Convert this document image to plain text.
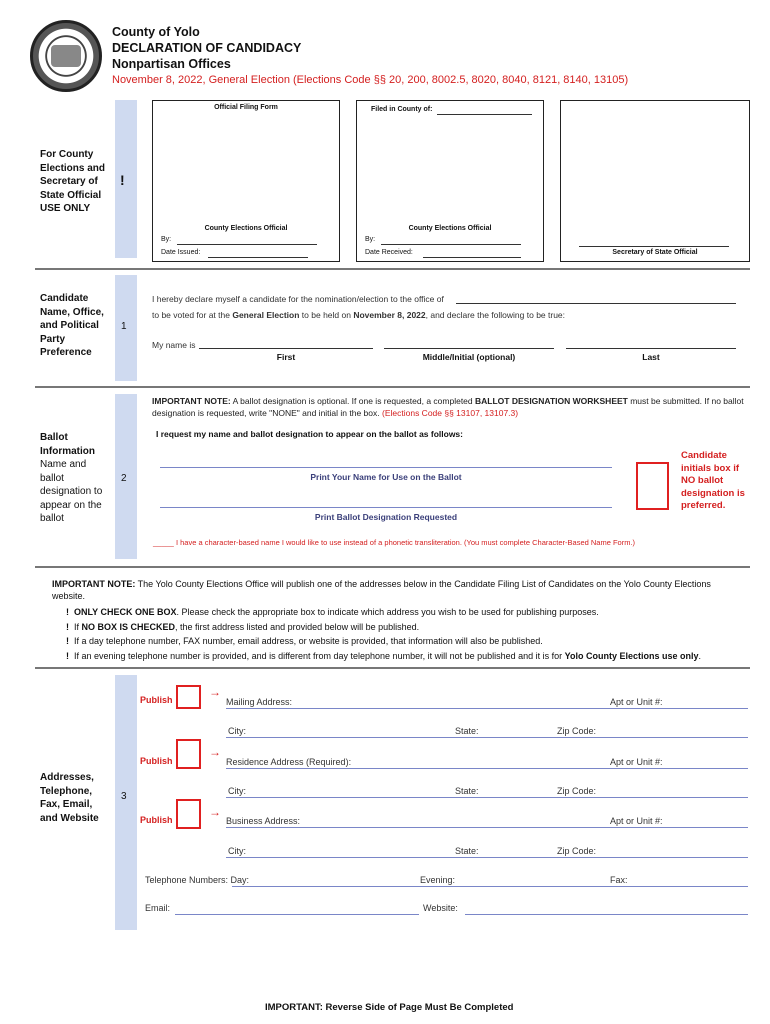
County of Yolo
DECLARATION OF CANDIDACY
Nonpartisan Offices
November 8, 2022, General Election (Elections Code §§ 20, 200, 8002.5, 8020, 8040, 8121, 8140, 13105)
For County Elections and Secretary of State Official USE ONLY
!
Official Filing Form
County Elections Official
By:
Date Issued:
Filed in County of:
County Elections Official
By:
Date Received:	Secretary of State Official
Candidate Name, Office, and Political Party Preference
1
I hereby declare myself a candidate for the nomination/election to the office of
to be voted for at the General Election to be held on November 8, 2022, and declare the following to be true:
My name is
First	Middle/Initial (optional)	Last
2
Ballot Information
Name and ballot designation to appear on the ballot
IMPORTANT NOTE: A ballot designation is optional. If one is requested, a completed BALLOT DESIGNATION WORKSHEET must be submitted. If no ballot designation is requested, write "NONE" and initial in the box. (Elections Code §§ 13107, 13107.3)
I request my name and ballot designation to appear on the ballot as follows:
Print Your Name for Use on the Ballot
Print Ballot Designation Requested
Candidate initials box if NO ballot designation is preferred.
_____ I have a character-based name I would like to use instead of a phonetic transliteration. (You must complete Character-Based Name Form.)
IMPORTANT NOTE: The Yolo County Elections Office will publish one of the addresses below in the Candidate Filing List of Candidates on the Yolo County Elections website.
! ONLY CHECK ONE BOX. Please check the appropriate box to indicate which address you wish to be used for publishing purposes.
! If NO BOX IS CHECKED, the first address listed and provided below will be published.
! If a day telephone number, FAX number, email address, or website is provided, that information will also be published.
! If an evening telephone number is provided, and is different from day telephone number, it will not be published and it is for Yolo County Elections use only.
Addresses, Telephone, Fax, Email, and Website
3
Publish
→
Mailing Address:	Apt or Unit #:
City:	State:	Zip Code:
Publish
→
Residence Address (Required):	Apt or Unit #:
City:	State:	Zip Code:
Publish
→
Business Address:	Apt or Unit #:
City:	State:	Zip Code:
Telephone Numbers: Day:	Evening:	Fax:
Email:	Website:
IMPORTANT: Reverse Side of Page Must Be Completed
